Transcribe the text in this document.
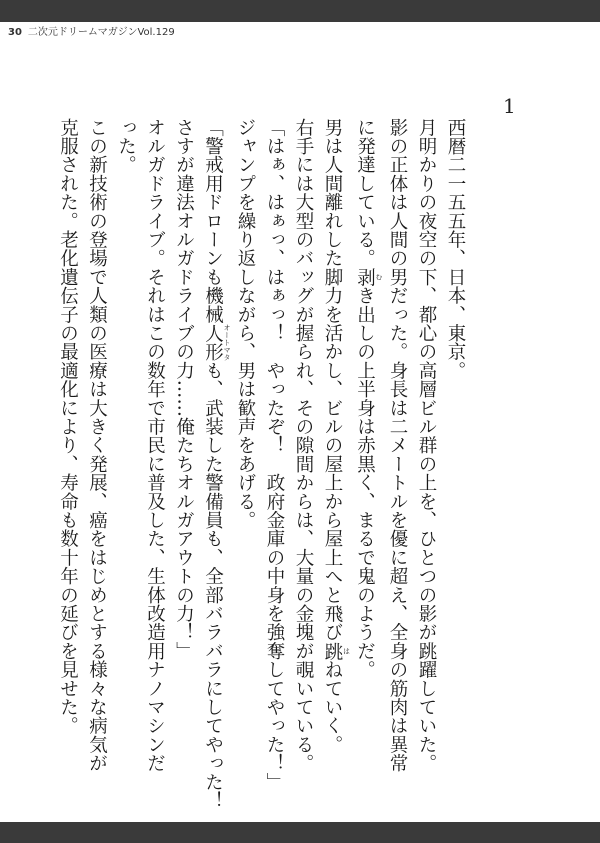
30 二次元ドリームマガジンVol.129
1

西暦二一五五年、日本、東京。

月明かりの夜空の下、都心の高層ビル群の上を、ひとつの影が跳躍していた。

影の正体は人間の男だった。身長は二メートルを優に超え、全身の筋肉は異常

に発達している。剥 むき出しの上半身は赤黒く、まるで鬼のようだ。

男は人間離れした脚力を活かし、ビルの屋上から屋上へと飛び跳 はねていく。

右手には大型のバッグが握られ、その隙間からは、大量の金塊が覗いている。

「はぁ、はぁっ、はぁっ！　やったぞ！　政府金庫の中身を強奪してやった！」

ジャンプを繰り返しながら、男は歓声をあげる。

「警戒用ドローンも機械人形 オートマタも、武装した警備員も、全部バラバラにしてやった！

さすが違法オルガドライブの力……俺たちオルガアウトの力！」

オルガドライブ。それはこの数年で市民に普及した、生体改造用ナノマシンだ

った。

この新技術の登場で人類の医療は大きく発展、癌をはじめとする様々な病気が

克服された。老化遺伝子の最適化により、寿命も数十年の延びを見せた。
